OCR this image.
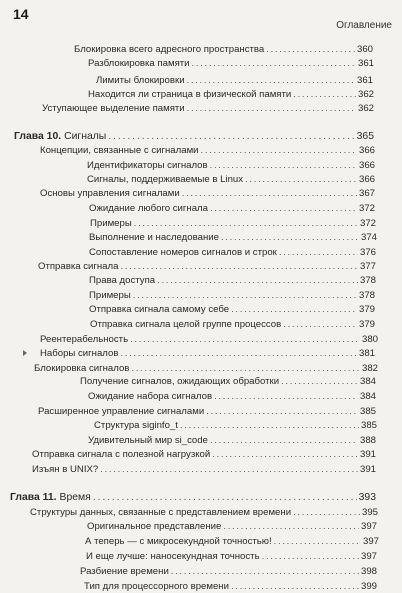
14
Оглавление
Блокировка всего адресного пространства . . .	360
Разблокировка памяти . . .	361
Лимиты блокировки . . .	361
Находится ли страница в физической памяти . . .	362
Уступающее выделение памяти . . .	362
Глава 10. Сигналы . . .	365
Концепции, связанные с сигналами . . .	366
Идентификаторы сигналов . . .	366
Сигналы, поддерживаемые в Linux . . .	366
Основы управления сигналами . . .	367
Ожидание любого сигнала . . .	372
Примеры . . .	372
Выполнение и наследование . . .	374
Сопоставление номеров сигналов и строк . . .	376
Отправка сигнала . . .	377
Права доступа . . .	378
Примеры . . .	378
Отправка сигнала самому себе . . .	379
Отправка сигнала целой группе процессов . . .	379
Реентерабельность . . .	380
Наборы сигналов . . .	381
Блокировка сигналов . . .	382
Получение сигналов, ожидающих обработки . . .	384
Ожидание набора сигналов . . .	384
Расширенное управление сигналами . . .	385
Структура siginfo_t . . .	385
Удивительный мир si_code . . .	388
Отправка сигнала с полезной нагрузкой . . .	391
Изъян в UNIX? . . .	391
Глава 11. Время . . .	393
Структуры данных, связанные с представлением времени . . .	395
Оригинальное представление . . .	397
А теперь — с микросекундной точностью! . . .	397
И еще лучше: наносекундная точность . . .	397
Разбиение времени . . .	398
Тип для процессорного времени . . .	399
